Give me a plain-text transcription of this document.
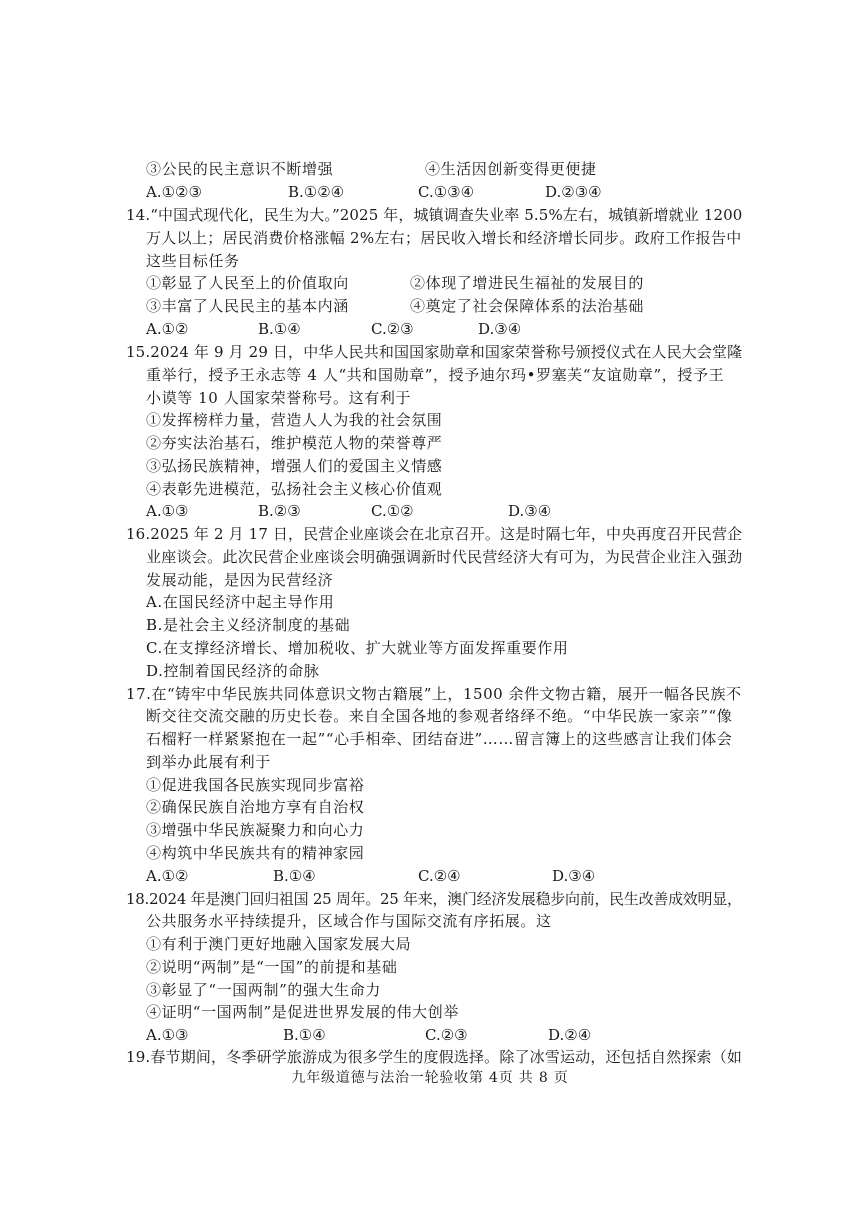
③公民的民主意识不断增强	④生活因创新变得更便捷
A.①②③	B.①②④	C.①③④	D.②③④
14.“中国式现代化，民生为大。”2025 年，城镇调查失业率 5.5%左右，城镇新增就业 1200
万人以上；居民消费价格涨幅 2%左右；居民收入增长和经济增长同步。政府工作报告中
这些目标任务
①彰显了人民至上的价值取向	②体现了增进民生福祉的发展目的
③丰富了人民民主的基本内涵	④奠定了社会保障体系的法治基础
A.①②	B.①④	C.②③	D.③④
15.2024 年 9 月 29 日，中华人民共和国国家勋章和国家荣誉称号颁授仪式在人民大会堂隆
重举行，授予王永志等 4 人“共和国勋章”，授予迪尔玛•罗塞芙“友谊勋章”，授予王
小谟等 10 人国家荣誉称号。这有利于
①发挥榜样力量，营造人人为我的社会氛围
②夯实法治基石，维护模范人物的荣誉尊严
③弘扬民族精神，增强人们的爱国主义情感
④表彰先进模范，弘扬社会主义核心价值观
A.①③	B.②③	C.①②	D.③④
16.2025 年 2 月 17 日，民营企业座谈会在北京召开。这是时隔七年，中央再度召开民营企
业座谈会。此次民营企业座谈会明确强调新时代民营经济大有可为，为民营企业注入强劲
发展动能，是因为民营经济
A.在国民经济中起主导作用
B.是社会主义经济制度的基础
C.在支撑经济增长、增加税收、扩大就业等方面发挥重要作用
D.控制着国民经济的命脉
17.在“铸牢中华民族共同体意识文物古籍展”上，1500 余件文物古籍，展开一幅各民族不
断交往交流交融的历史长卷。来自全国各地的参观者络绎不绝。“中华民族一家亲”“像
石榴籽一样紧紧抱在一起”“心手相牵、团结奋进”……留言簿上的这些感言让我们体会
到举办此展有利于
①促进我国各民族实现同步富裕
②确保民族自治地方享有自治权
③增强中华民族凝聚力和向心力
④构筑中华民族共有的精神家园
A.①②	B.①④	C.②④	D.③④
18.2024 年是澳门回归祖国 25 周年。25 年来，澳门经济发展稳步向前，民生改善成效明显，
公共服务水平持续提升，区域合作与国际交流有序拓展。这
①有利于澳门更好地融入国家发展大局
②说明“两制”是“一国”的前提和基础
③彰显了“一国两制”的强大生命力
④证明“一国两制”是促进世界发展的伟大创举
A.①③	B.①④	C.②③	D.②④
19.春节期间，冬季研学旅游成为很多学生的度假选择。除了冰雪运动，还包括自然探索（如
九年级道德与法治一轮验收第 4页 共 8 页
